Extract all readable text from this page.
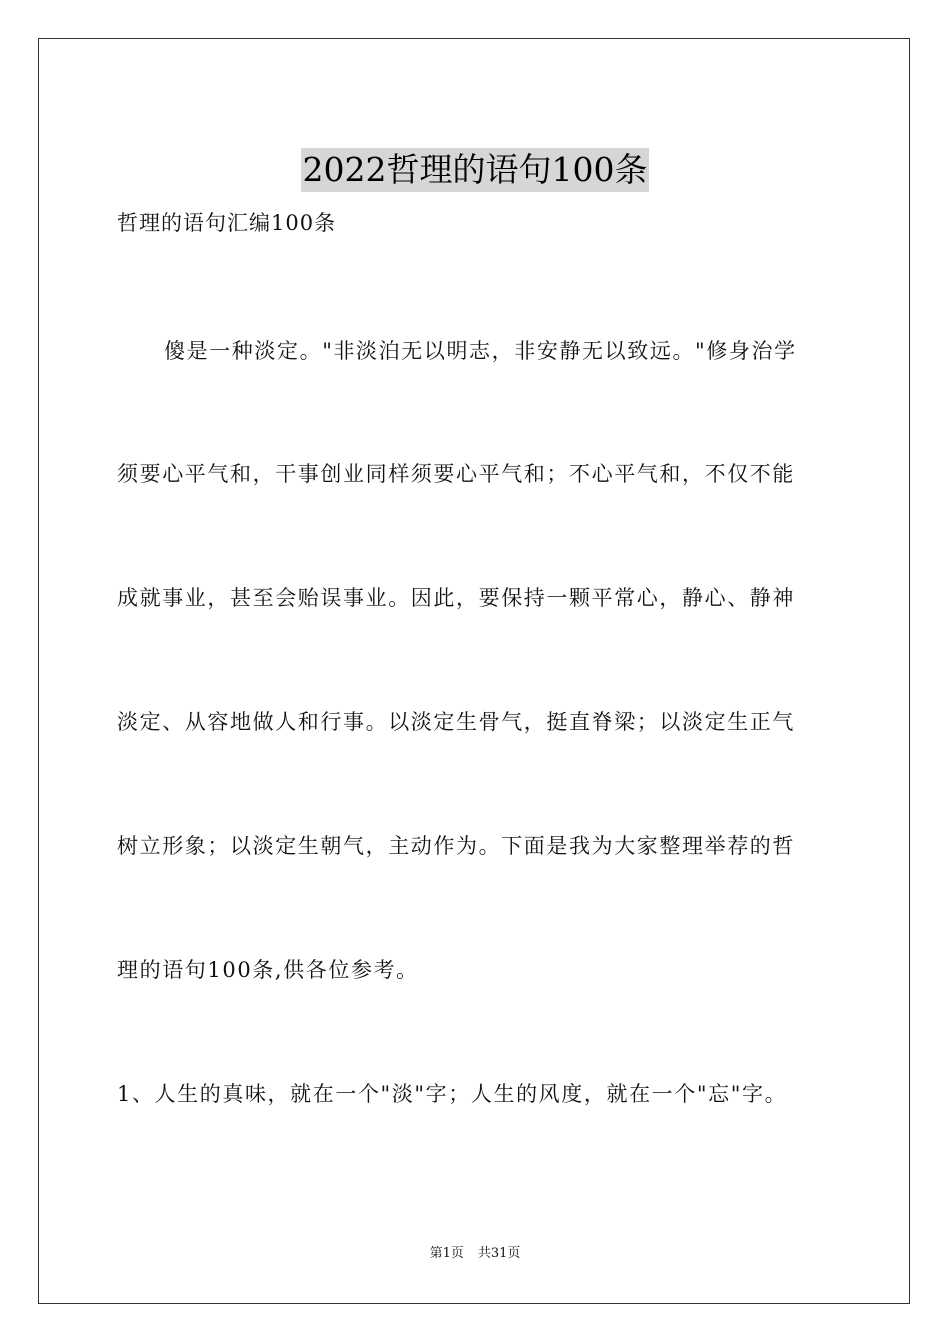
2022哲理的语句100条
哲理的语句汇编100条
傻是一种淡定。"非淡泊无以明志，非安静无以致远。"修身治学
须要心平气和，干事创业同样须要心平气和；不心平气和，不仅不能
成就事业，甚至会贻误事业。因此，要保持一颗平常心，静心、静神
淡定、从容地做人和行事。以淡定生骨气，挺直脊梁；以淡定生正气
树立形象；以淡定生朝气，主动作为。下面是我为大家整理举荐的哲
理的语句100条,供各位参考。
1、人生的真味，就在一个"淡"字；人生的风度，就在一个"忘"字。
第1页 共31页
